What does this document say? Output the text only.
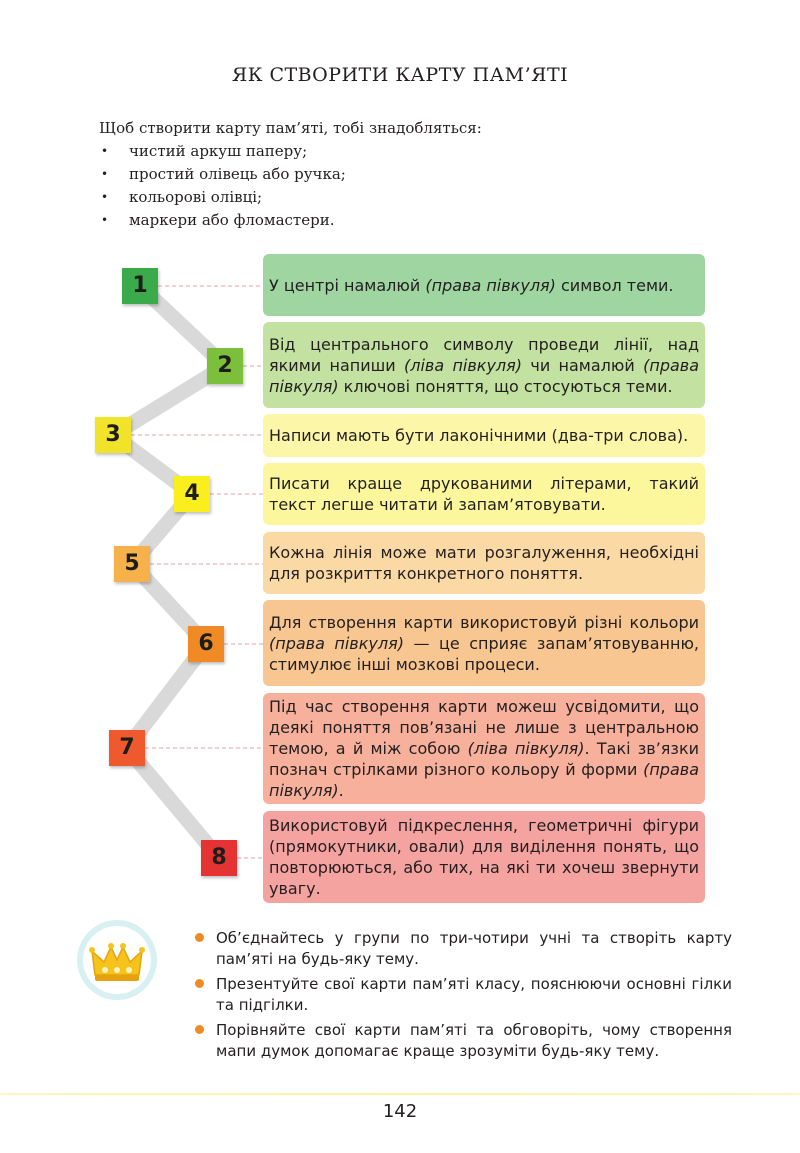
ЯК СТВОРИТИ КАРТУ ПАМ’ЯТІ
Щоб створити карту пам’яті, тобі знадобляться:
• чистий аркуш паперу;
• простий олівець або ручка;
• кольорові олівці;
• маркери або фломастери.
1
2
3
4
5
6
7
8
У центрі намалюй (права півкуля) символ теми.
Від центрального символу проведи лінії, над якими напиши (ліва півкуля) чи намалюй (права півкуля) ключові поняття, що стосуються теми.
Написи мають бути лаконічними (два-три слова).
Писати краще друкованими літерами, такий текст легше читати й запам’ятовувати.
Кожна лінія може мати розгалуження, необхідні для розкриття конкретного поняття.
Для створення карти використовуй різні кольори (права півкуля) — це сприяє запам’ятовуванню, стимулює інші мозкові процеси.
Під час створення карти можеш усвідомити, що деякі поняття пов’язані не лише з центральною темою, а й між собою (ліва півкуля). Такі зв’язки познач стрілками різного кольору й форми (права півкуля).
Використовуй підкреслення, геометричні фігури (прямокутники, овали) для виділення понять, що повторюються, або тих, на які ти хочеш звернути увагу.
Об’єднайтесь у групи по три-чотири учні та створіть карту пам’яті на будь-яку тему.
Презентуйте свої карти пам’яті класу, пояснюючи основні гілки та підгілки.
Порівняйте свої карти пам’яті та обговоріть, чому створення мапи думок допомагає краще зрозуміти будь-яку тему.
142
